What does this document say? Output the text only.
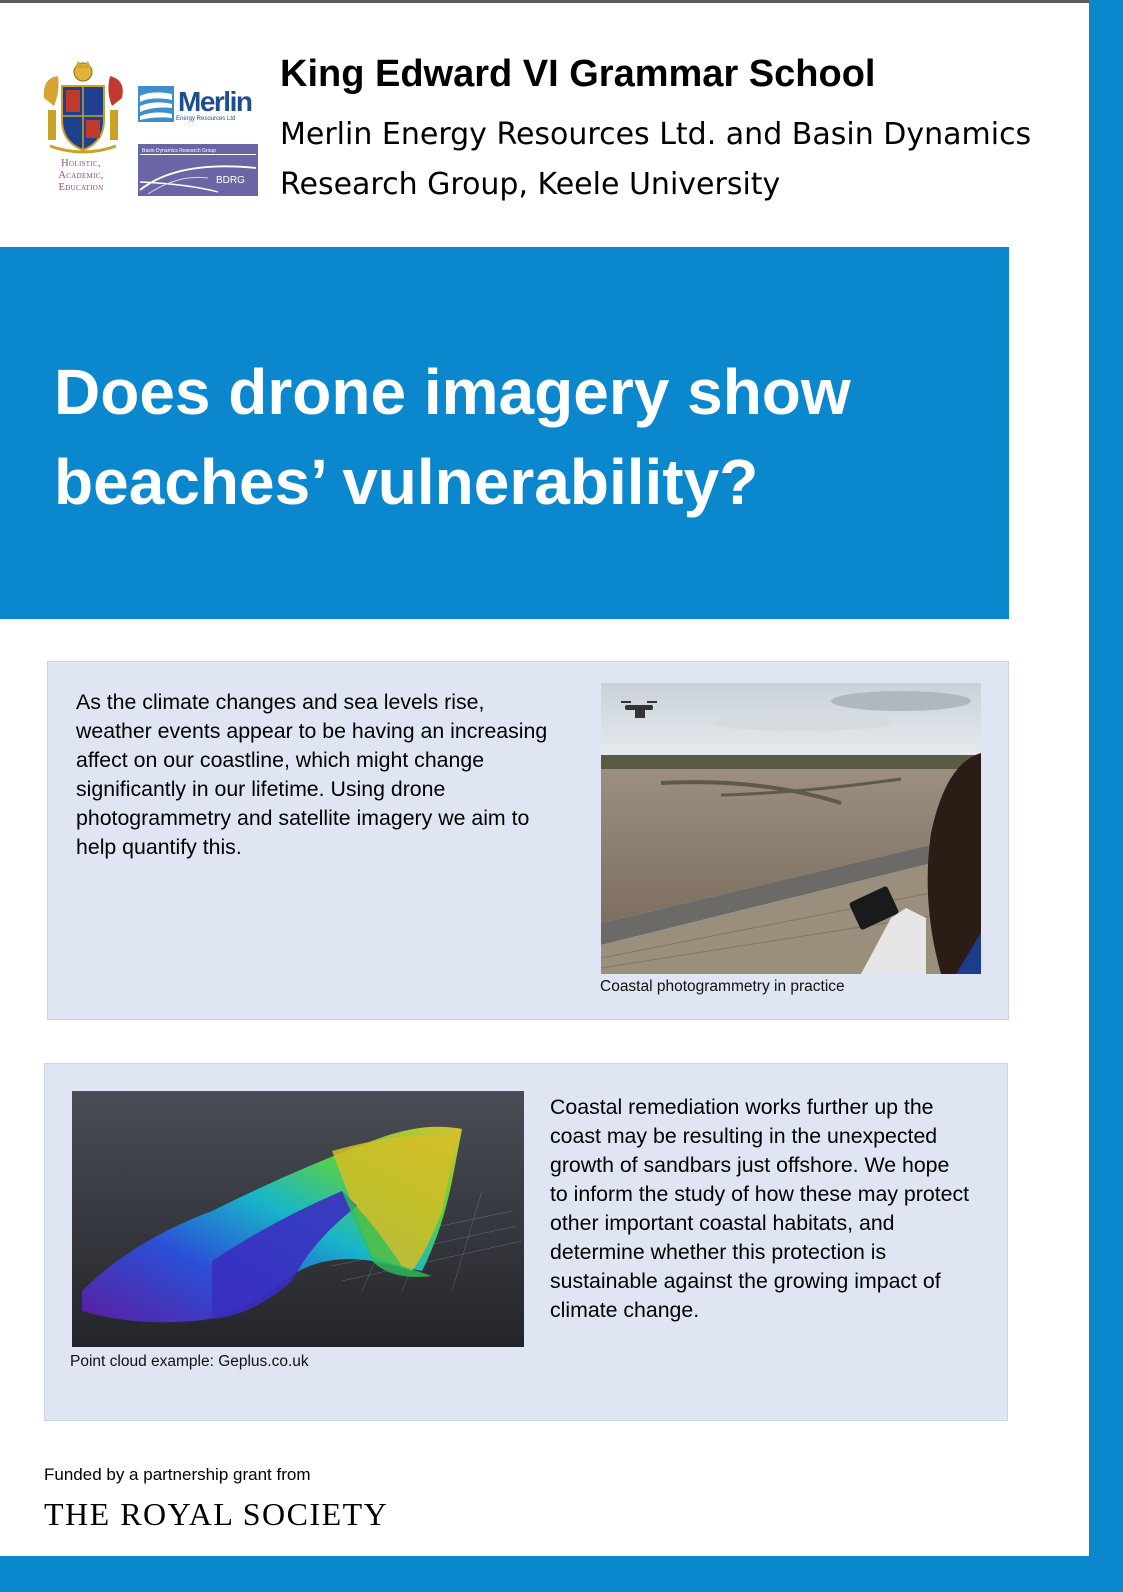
Holistic, Academic, Education
Merlin
Energy Resources Ltd
Basin Dynamics Research Group
BDRG
King Edward VI Grammar School
Merlin Energy Resources Ltd. and Basin Dynamics Research Group, Keele University
Does drone imagery show beaches’ vulnerability?
As the climate changes and sea levels rise, weather events appear to be having an increasing affect on our coastline, which might change significantly in our lifetime. Using drone photogrammetry and satellite imagery we aim to help quantify this.
Coastal photogrammetry in practice
Point cloud example: Geplus.co.uk
Coastal remediation works further up the coast may be resulting in the unexpected growth of sandbars just offshore. We hope to inform the study of how these may protect other important coastal habitats, and determine whether this protection is sustainable against the growing impact of climate change.
Funded by a partnership grant from
THE ROYAL SOCIETY
